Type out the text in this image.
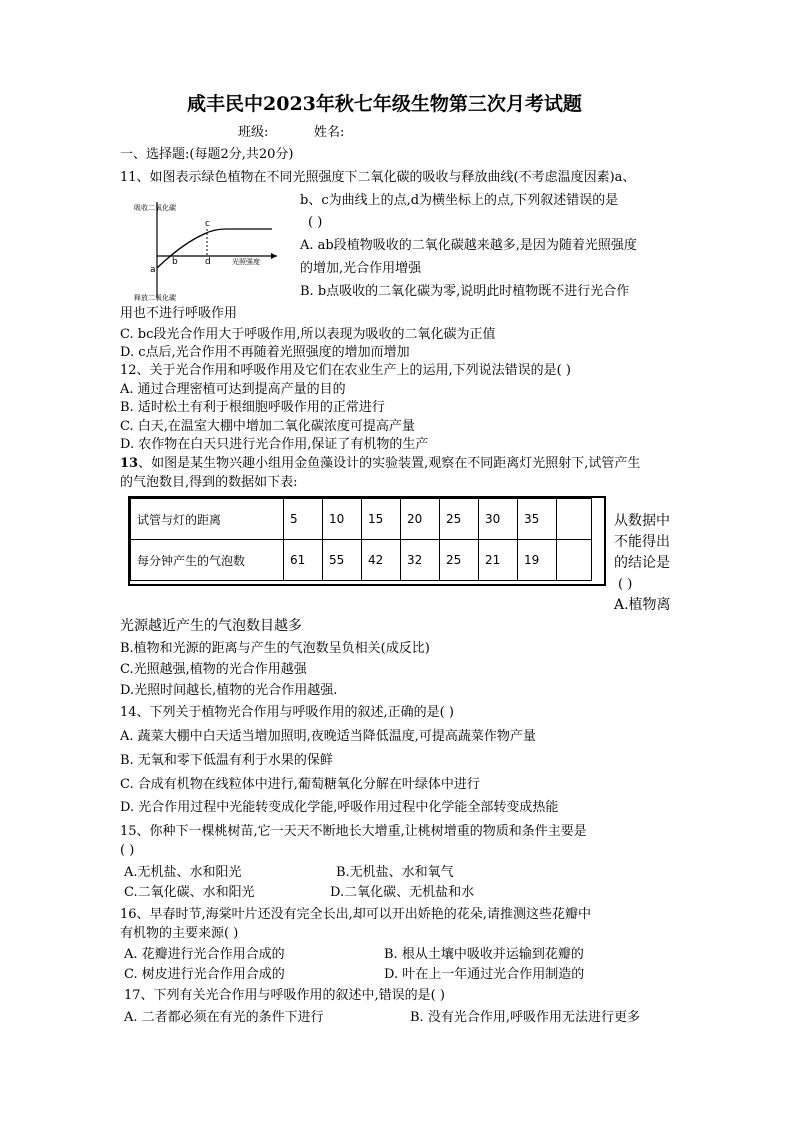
咸丰民中2023年秋七年级生物第三次月考试题
班级:	姓名:
一、选择题:(每题2分,共20分)
11、如图表示绿色植物在不同光照强度下二氧化碳的吸收与释放曲线(不考虑温度因素)a、
b、c为曲线上的点,d为横坐标上的点,下列叙述错误的是
( )
A. ab段植物吸收的二氧化碳越来越多,是因为随着光照强度
的增加,光合作用增强
B. b点吸收的二氧化碳为零,说明此时植物既不进行光合作
用也不进行呼吸作用
C. bc段光合作用大于呼吸作用,所以表现为吸收的二氧化碳为正值
D. c点后,光合作用不再随着光照强度的增加而增加
吸收二氧化碳
释放二氧化碳
光照强度
a
b
c
d
12、关于光合作用和呼吸作用及它们在农业生产上的运用,下列说法错误的是( )
A. 通过合理密植可达到提高产量的目的
B. 适时松土有利于根细胞呼吸作用的正常进行
C. 白天,在温室大棚中增加二氧化碳浓度可提高产量
D. 农作物在白天只进行光合作用,保证了有机物的生产
13、如图是某生物兴趣小组用金鱼藻设计的实验装置,观察在不同距离灯光照射下,试管产生
的气泡数目,得到的数据如下表:
试管与灯的距离	5	10	15	20	25	30	35	
每分钟产生的气泡数	61	55	42	32	25	21	19	
从数据中
不能得出
的结论是
( )
A.植物离
光源越近产生的气泡数目越多
B.植物和光源的距离与产生的气泡数呈负相关(成反比)
C.光照越强,植物的光合作用越强
D.光照时间越长,植物的光合作用越强.
14、下列关于植物光合作用与呼吸作用的叙述,正确的是( )
A. 蔬菜大棚中白天适当增加照明,夜晚适当降低温度,可提高蔬菜作物产量
B. 无氧和零下低温有利于水果的保鲜
C. 合成有机物在线粒体中进行,葡萄糖氧化分解在叶绿体中进行
D. 光合作用过程中光能转变成化学能,呼吸作用过程中化学能全部转变成热能
15、你种下一棵桃树苗,它一天天不断地长大增重,让桃树增重的物质和条件主要是
( )
A.无机盐、水和阳光	B.无机盐、水和氧气
C.二氧化碳、水和阳光	D.二氧化碳、无机盐和水
16、早春时节,海棠叶片还没有完全长出,却可以开出娇艳的花朵,请推测这些花瓣中
有机物的主要来源( )
A. 花瓣进行光合作用合成的	B. 根从土壤中吸收并运输到花瓣的
C. 树皮进行光合作用合成的	D. 叶在上一年通过光合作用制造的
17、下列有关光合作用与呼吸作用的叙述中,错误的是( )
A. 二者都必须在有光的条件下进行	B. 没有光合作用,呼吸作用无法进行更多
